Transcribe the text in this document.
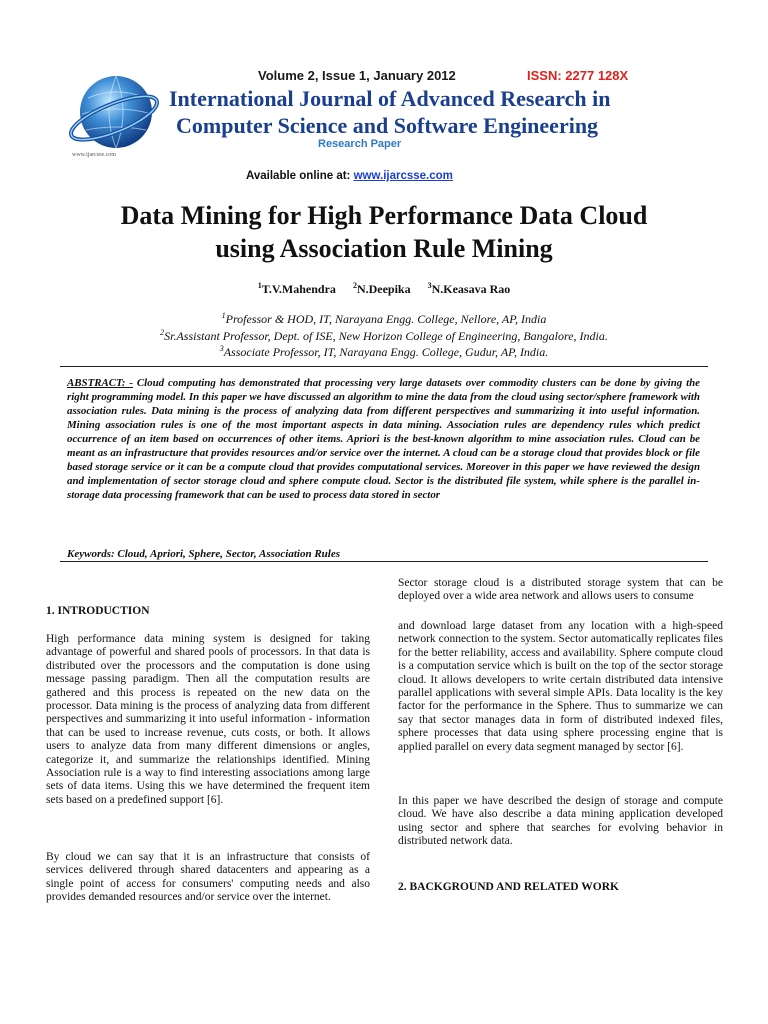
www.ijarcsse.com
Volume 2, Issue 1, January 2012	ISSN: 2277 128X
International Journal of Advanced Research in
Computer Science and Software Engineering
Research Paper
Available online at: www.ijarcsse.com
Data Mining for High Performance Data Cloud
using Association Rule Mining
$^1$T.V.Mahendra $^2$N.Deepika $^3$N.Keasava Rao
$^1$Professor & HOD, IT, Narayana Engg. College, Nellore, AP, India
$^2$Sr.Assistant Professor, Dept. of ISE, New Horizon College of Engineering, Bangalore, India.
$^3$Associate Professor, IT, Narayana Engg. College, Gudur, AP, India.
ABSTRACT: - Cloud computing has demonstrated that processing very large datasets over commodity clusters can be done by giving the right programming model. In this paper we have discussed an algorithm to mine the data from the cloud using sector/sphere framework with association rules. Data mining is the process of analyzing data from different perspectives and summarizing it into useful information. Mining association rules is one of the most important aspects in data mining. Association rules are dependency rules which predict occurrence of an item based on occurrences of other items. Apriori is the best-known algorithm to mine association rules. Cloud can be meant as an infrastructure that provides resources and/or service over the internet. A cloud can be a storage cloud that provides block or file based storage service or it can be a compute cloud that provides computational services. Moreover in this paper we have reviewed the design and implementation of sector storage cloud and sphere compute cloud. Sector is the distributed file system, while sphere is the parallel in-storage data processing framework that can be used to process data stored in sector
Keywords: Cloud, Apriori, Sphere, Sector, Association Rules
1. INTRODUCTION
High performance data mining system is designed for taking advantage of powerful and shared pools of processors. In that data is distributed over the processors and the computation is done using message passing paradigm. Then all the computation results are gathered and this process is repeated on the new data on the processor. Data mining is the process of analyzing data from different perspectives and summarizing it into useful information - information that can be used to increase revenue, cuts costs, or both. It allows users to analyze data from many different dimensions or angles, categorize it, and summarize the relationships identified. Mining Association rule is a way to find interesting associations among large sets of data items. Using this we have determined the frequent item sets based on a predefined support [6].
By cloud we can say that it is an infrastructure that consists of services delivered through shared datacenters and appearing as a single point of access for consumers' computing needs and also provides demanded resources and/or service over the internet.
Sector storage cloud is a distributed storage system that can be deployed over a wide area network and allows users to consume
and download large dataset from any location with a high-speed network connection to the system. Sector automatically replicates files for the better reliability, access and availability. Sphere compute cloud is a computation service which is built on the top of the sector storage cloud. It allows developers to write certain distributed data intensive parallel applications with several simple APIs. Data locality is the key factor for the performance in the Sphere. Thus to summarize we can say that sector manages data in form of distributed indexed files, sphere processes that data using sphere processing engine that is applied parallel on every data segment managed by sector [6].
In this paper we have described the design of storage and compute cloud. We have also describe a data mining application developed using sector and sphere that searches for evolving behavior in distributed network data.
2. BACKGROUND AND RELATED WORK
